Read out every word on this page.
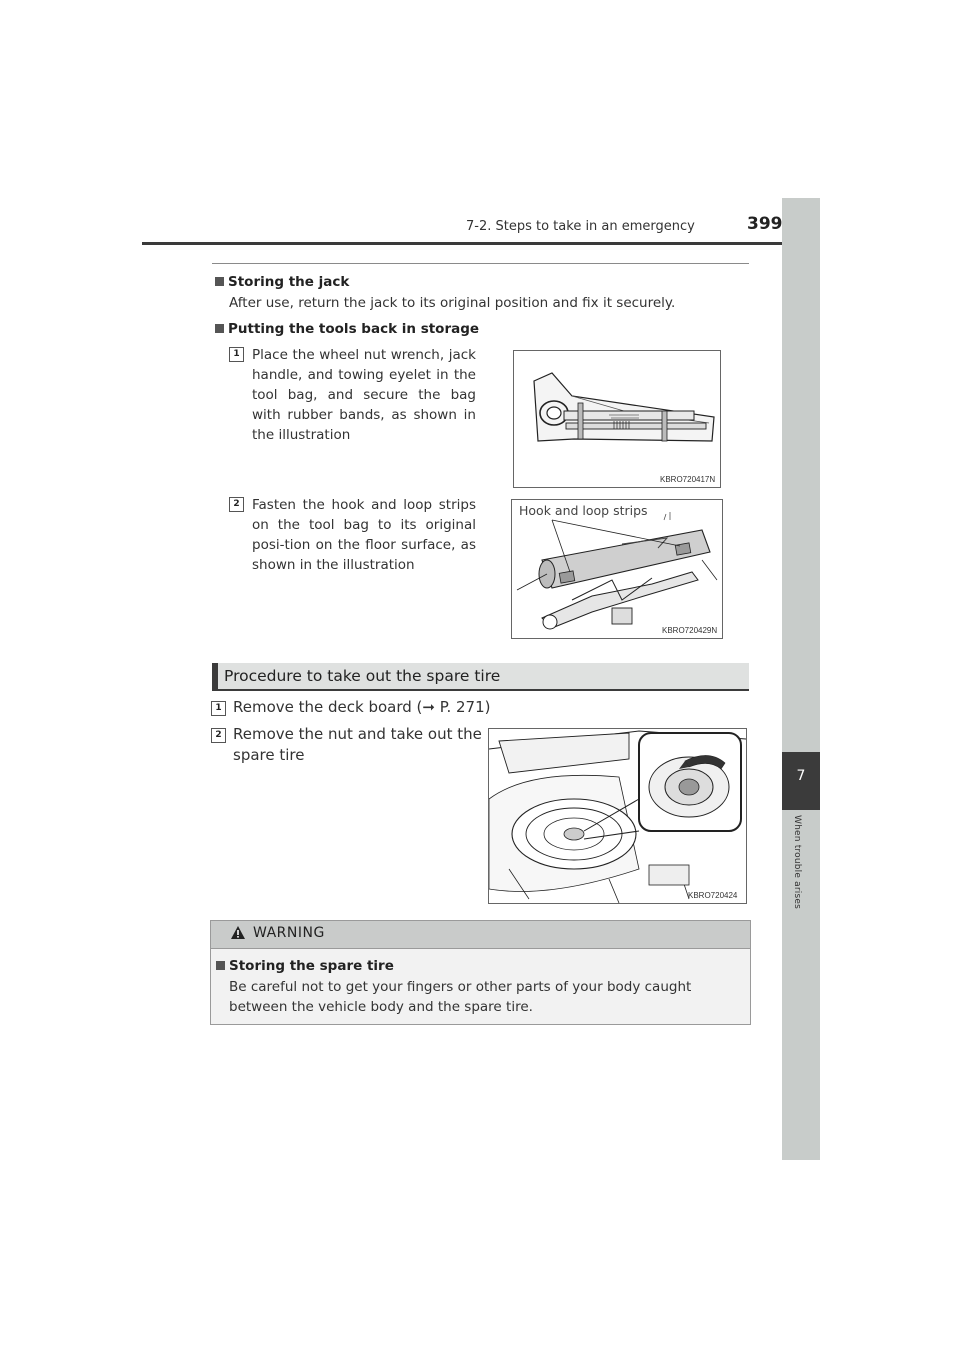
7-2. Steps to take in an emergency	399
7
When trouble arises
Storing the jack
After use, return the jack to its original position and fix it securely.
Putting the tools back in storage
1 Place the wheel nut wrench, jack handle, and towing eyelet in the tool bag, and secure the bag with rubber bands, as shown in the illustration
2 Fasten the hook and loop strips on the tool bag to its original posi-tion on the floor surface, as shown in the illustration
KBRO720417N
Hook and loop strips
KBRO720429N
Procedure to take out the spare tire
1 Remove the deck board (➞ P. 271)
2 Remove the nut and take out the spare tire
KBRO720424
WARNING
Storing the spare tire
Be careful not to get your fingers or other parts of your body caught between the vehicle body and the spare tire.
